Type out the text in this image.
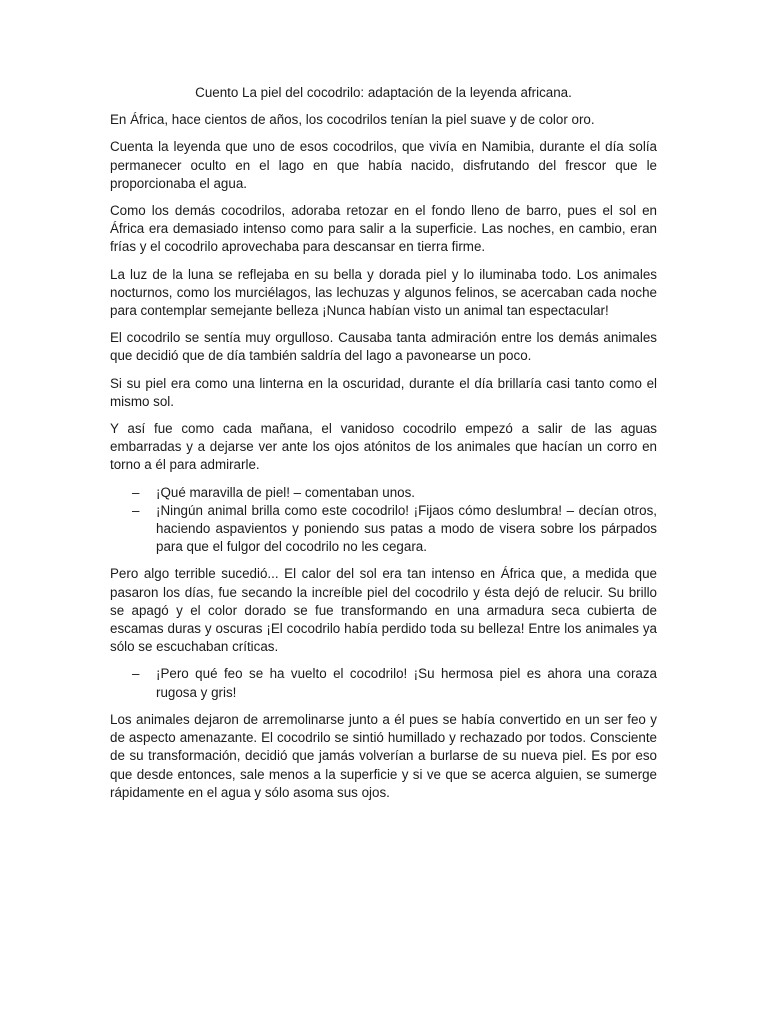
Cuento La piel del cocodrilo: adaptación de la leyenda africana.

En África, hace cientos de años, los cocodrilos tenían la piel suave y de color oro.

Cuenta la leyenda que uno de esos cocodrilos, que vivía en Namibia, durante el día solía permanecer oculto en el lago en que había nacido, disfrutando del frescor que le proporcionaba el agua.

Como los demás cocodrilos, adoraba retozar en el fondo lleno de barro, pues el sol en África era demasiado intenso como para salir a la superficie. Las noches, en cambio, eran frías y el cocodrilo aprovechaba para descansar en tierra firme.

La luz de la luna se reflejaba en su bella y dorada piel y lo iluminaba todo. Los animales nocturnos, como los murciélagos, las lechuzas y algunos felinos, se acercaban cada noche para contemplar semejante belleza ¡Nunca habían visto un animal tan espectacular!

El cocodrilo se sentía muy orgulloso. Causaba tanta admiración entre los demás animales que decidió que de día también saldría del lago a pavonearse un poco.

Si su piel era como una linterna en la oscuridad, durante el día brillaría casi tanto como el mismo sol.

Y así fue como cada mañana, el vanidoso cocodrilo empezó a salir de las aguas embarradas y a dejarse ver ante los ojos atónitos de los animales que hacían un corro en torno a él para admirarle.

– ¡Qué maravilla de piel! – comentaban unos.
– ¡Ningún animal brilla como este cocodrilo! ¡Fijaos cómo deslumbra! – decían otros, haciendo aspavientos y poniendo sus patas a modo de visera sobre los párpados para que el fulgor del cocodrilo no les cegara.

Pero algo terrible sucedió... El calor del sol era tan intenso en África que, a medida que pasaron los días, fue secando la increíble piel del cocodrilo y ésta dejó de relucir. Su brillo se apagó y el color dorado se fue transformando en una armadura seca cubierta de escamas duras y oscuras ¡El cocodrilo había perdido toda su belleza! Entre los animales ya sólo se escuchaban críticas.

– ¡Pero qué feo se ha vuelto el cocodrilo! ¡Su hermosa piel es ahora una coraza rugosa y gris!

Los animales dejaron de arremolinarse junto a él pues se había convertido en un ser feo y de aspecto amenazante. El cocodrilo se sintió humillado y rechazado por todos. Consciente de su transformación, decidió que jamás volverían a burlarse de su nueva piel. Es por eso que desde entonces, sale menos a la superficie y si ve que se acerca alguien, se sumerge rápidamente en el agua y sólo asoma sus ojos.
